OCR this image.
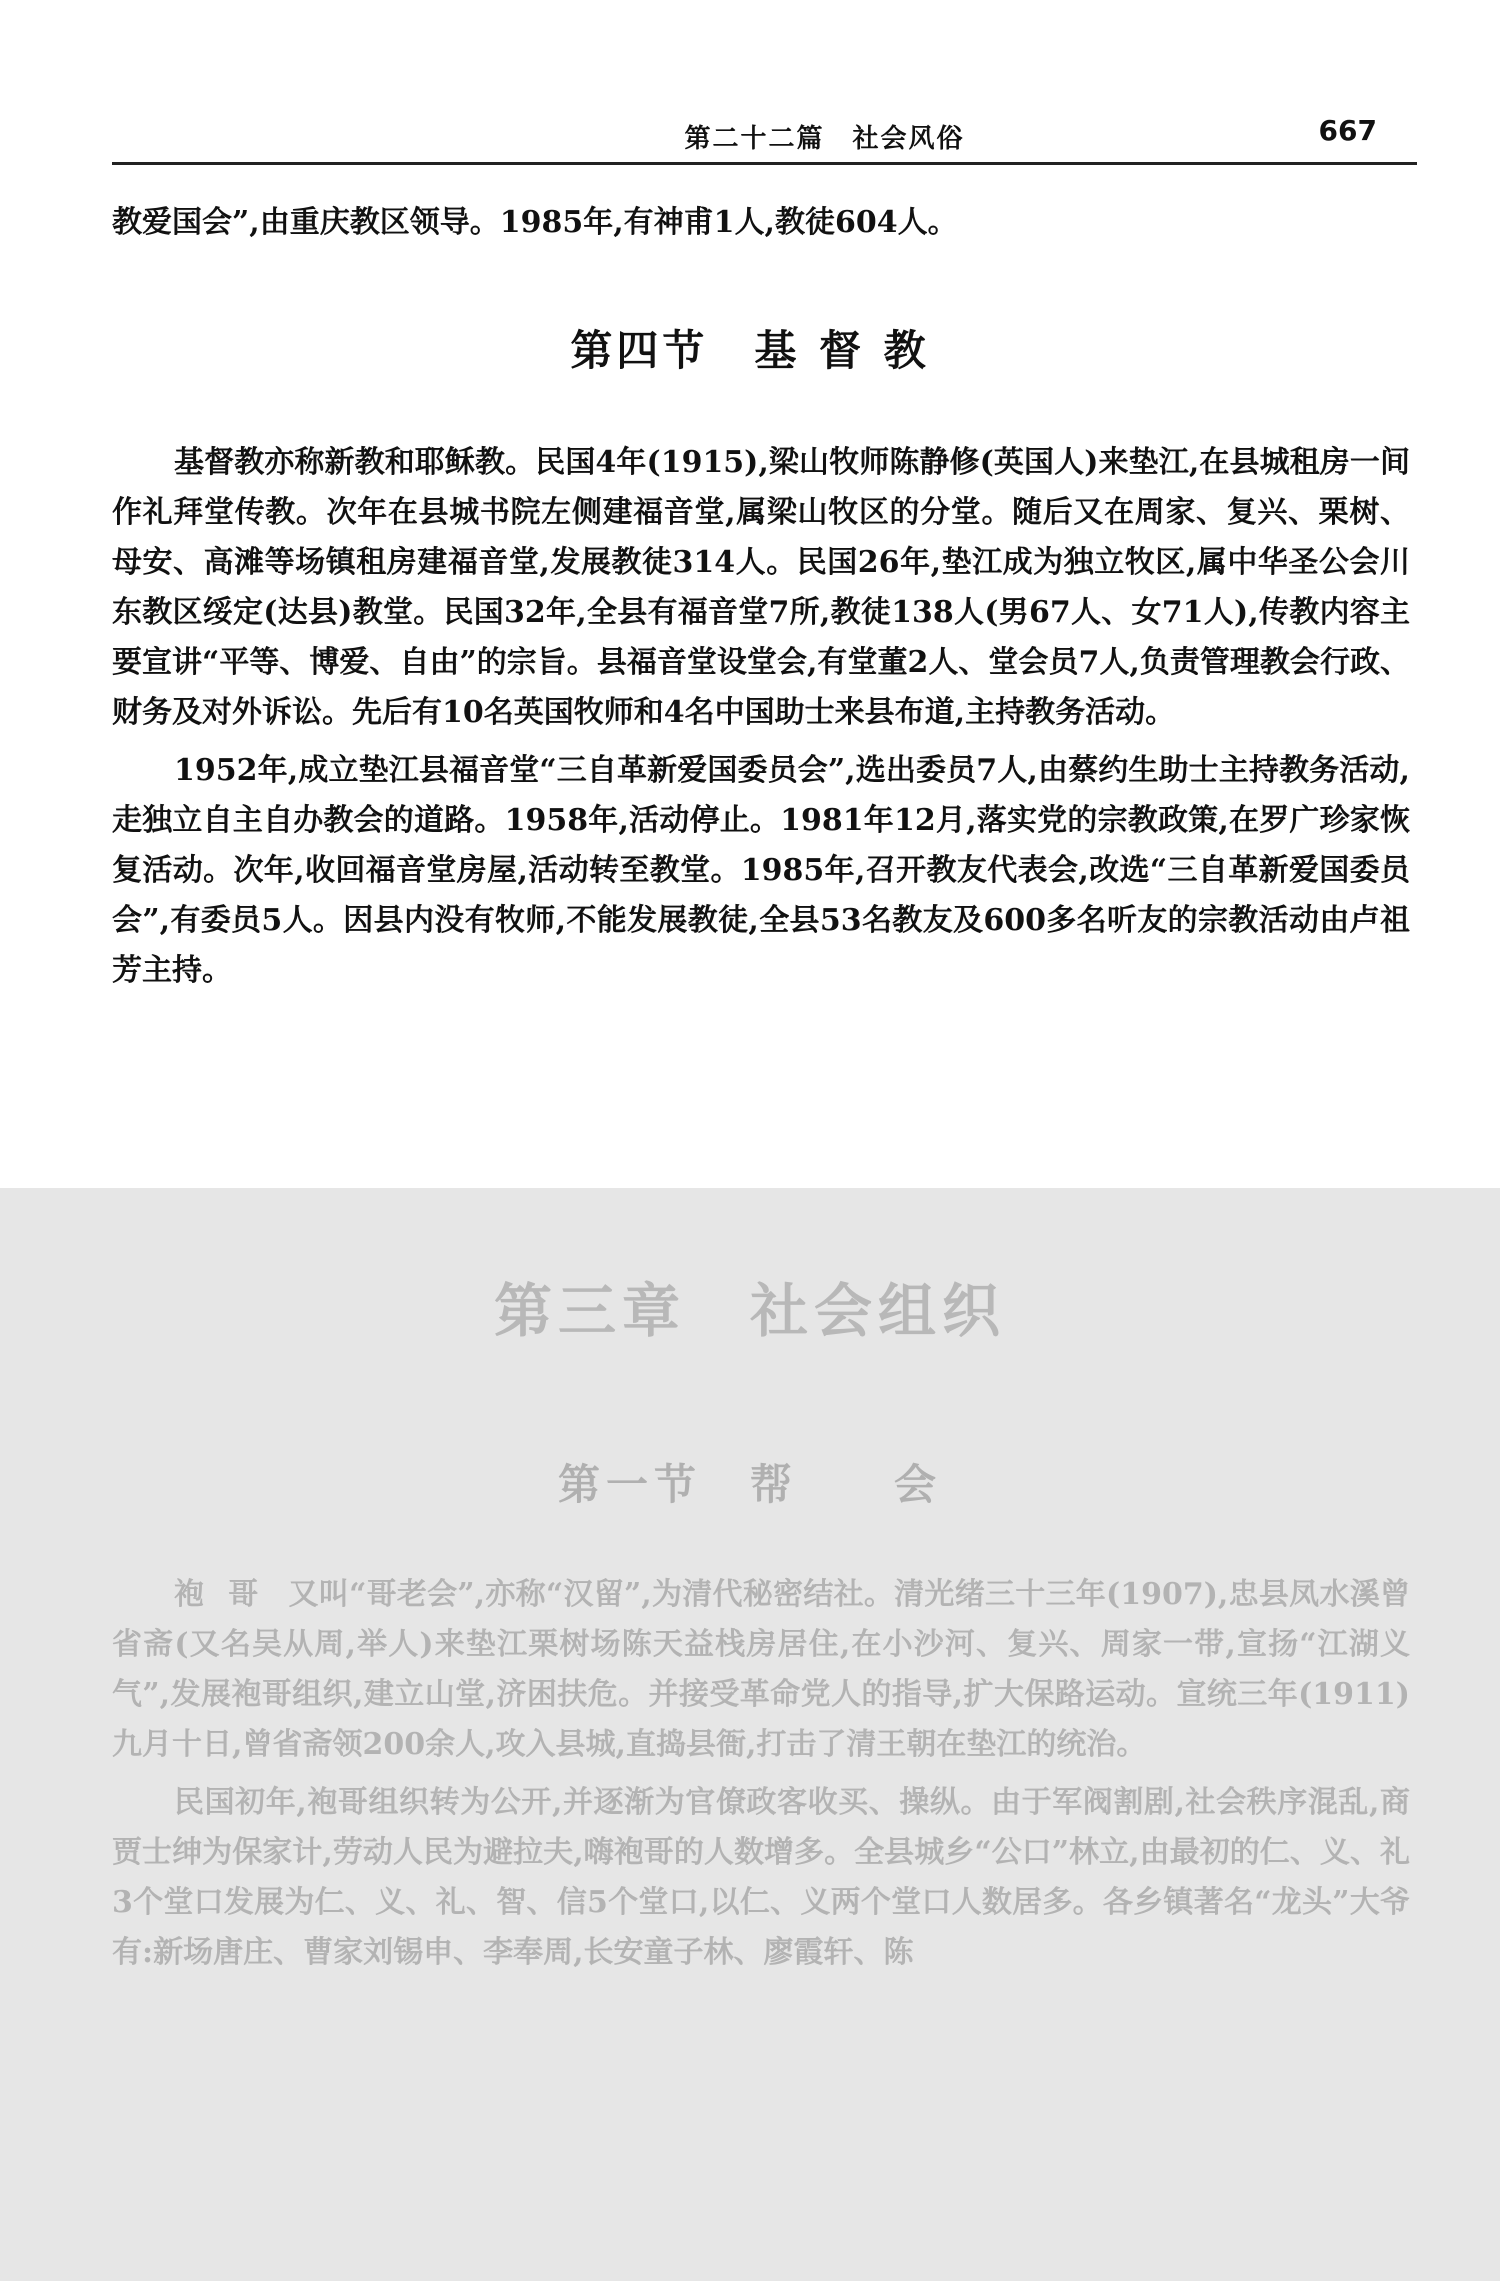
第二十二篇　社会风俗	667
教爱国会”,由重庆教区领导。1985年,有神甫1人,教徒604人。
第四节　基 督 教

基督教亦称新教和耶稣教。民国4年(1915),梁山牧师陈静修(英国人)来垫江,在县城租房一间作礼拜堂传教。次年在县城书院左侧建福音堂,属梁山牧区的分堂。随后又在周家、复兴、栗树、母安、高滩等场镇租房建福音堂,发展教徒314人。民国26年,垫江成为独立牧区,属中华圣公会川东教区绥定(达县)教堂。民国32年,全县有福音堂7所,教徒138人(男67人、女71人),传教内容主要宣讲“平等、博爱、自由”的宗旨。县福音堂设堂会,有堂董2人、堂会员7人,负责管理教会行政、财务及对外诉讼。先后有10名英国牧师和4名中国助士来县布道,主持教务活动。

1952年,成立垫江县福音堂“三自革新爱国委员会”,选出委员7人,由蔡约生助士主持教务活动,走独立自主自办教会的道路。1958年,活动停止。1981年12月,落实党的宗教政策,在罗广珍家恢复活动。次年,收回福音堂房屋,活动转至教堂。1985年,召开教友代表会,改选“三自革新爱国委员会”,有委员5人。因县内没有牧师,不能发展教徒,全县53名教友及600多名听友的宗教活动由卢祖芳主持。

第三章　社会组织
第一节　帮　　会

袍哥 又叫“哥老会”,亦称“汉留”,为清代秘密结社。清光绪三十三年(1907),忠县凤水溪曾省斋(又名吴从周,举人)来垫江栗树场陈天益栈房居住,在小沙河、复兴、周家一带,宣扬“江湖义气”,发展袍哥组织,建立山堂,济困扶危。并接受革命党人的指导,扩大保路运动。宣统三年(1911)九月十日,曾省斋领200余人,攻入县城,直捣县衙,打击了清王朝在垫江的统治。

民国初年,袍哥组织转为公开,并逐渐为官僚政客收买、操纵。由于军阀割剧,社会秩序混乱,商贾士绅为保家计,劳动人民为避拉夫,嗨袍哥的人数增多。全县城乡“公口”林立,由最初的仁、义、礼3个堂口发展为仁、义、礼、智、信5个堂口,以仁、义两个堂口人数居多。各乡镇著名“龙头”大爷有:新场唐庄、曹家刘锡申、李奉周,长安童子林、廖霞轩、陈
